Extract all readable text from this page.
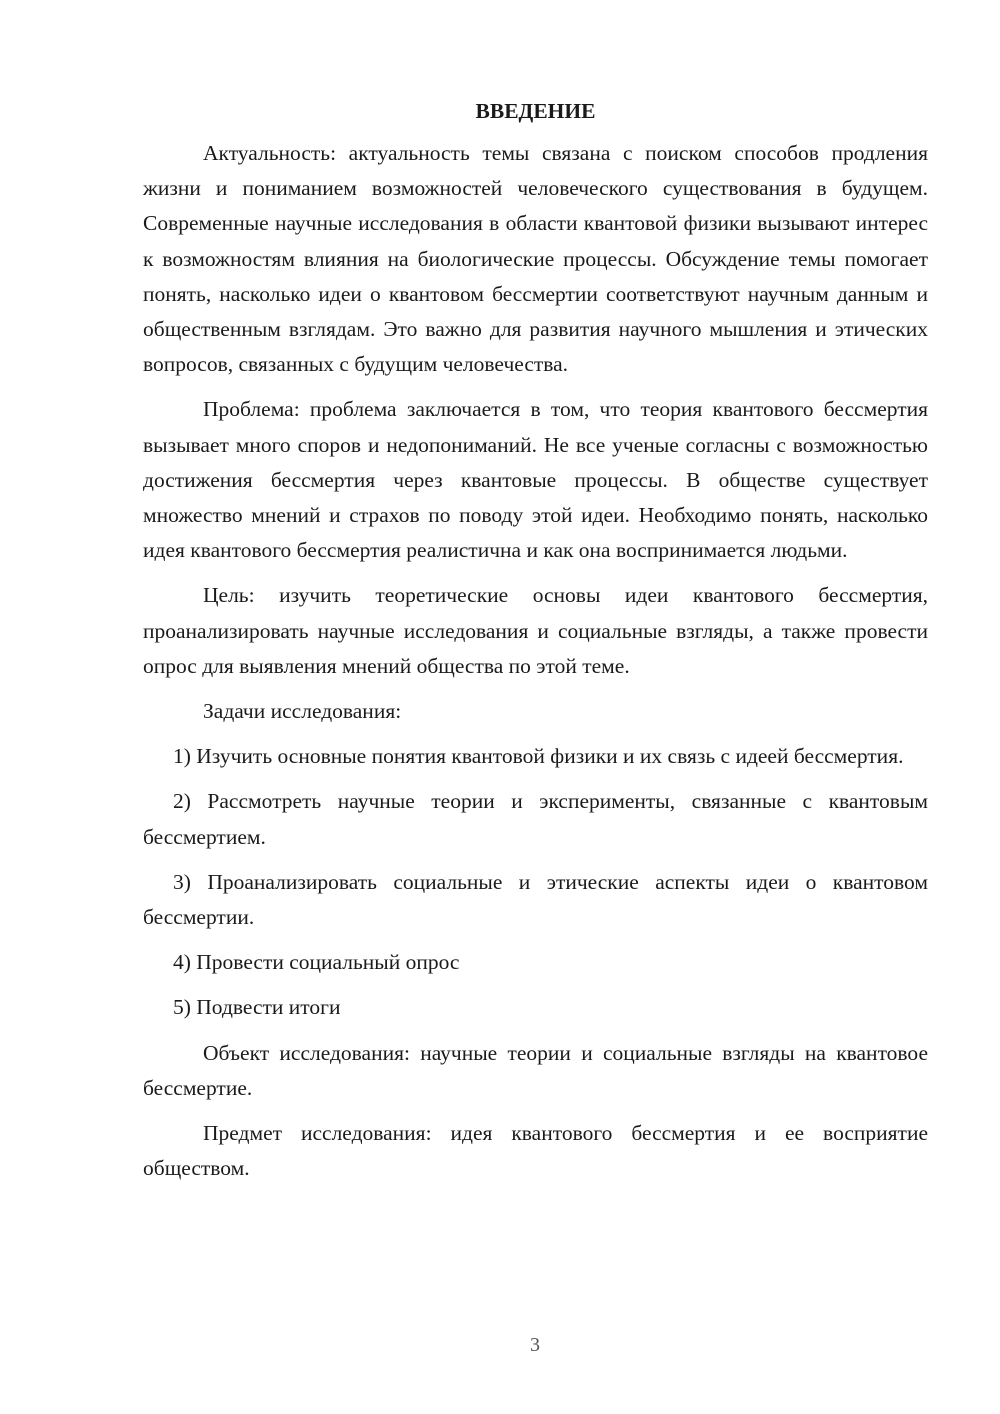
ВВЕДЕНИЕ

Актуальность: актуальность темы связана с поиском способов продления жизни и пониманием возможностей человеческого существования в будущем. Современные научные исследования в области квантовой физики вызывают интерес к возможностям влияния на биологические процессы. Обсуждение темы помогает понять, насколько идеи о квантовом бессмертии соответствуют научным данным и общественным взглядам. Это важно для развития научного мышления и этических вопросов, связанных с будущим человечества.

Проблема: проблема заключается в том, что теория квантового бессмертия вызывает много споров и недопониманий. Не все ученые согласны с возможностью достижения бессмертия через квантовые процессы. В обществе существует множество мнений и страхов по поводу этой идеи. Необходимо понять, насколько идея квантового бессмертия реалистична и как она воспринимается людьми.

Цель: изучить теоретические основы идеи квантового бессмертия, проанализировать научные исследования и социальные взгляды, а также провести опрос для выявления мнений общества по этой теме.

Задачи исследования:

1) Изучить основные понятия квантовой физики и их связь с идеей бессмертия.

2) Рассмотреть научные теории и эксперименты, связанные с квантовым бессмертием.

3) Проанализировать социальные и этические аспекты идеи о квантовом бессмертии.

4) Провести социальный опрос

5) Подвести итоги

Объект исследования: научные теории и социальные взгляды на квантовое бессмертие.

Предмет исследования: идея квантового бессмертия и ее восприятие обществом.

3
